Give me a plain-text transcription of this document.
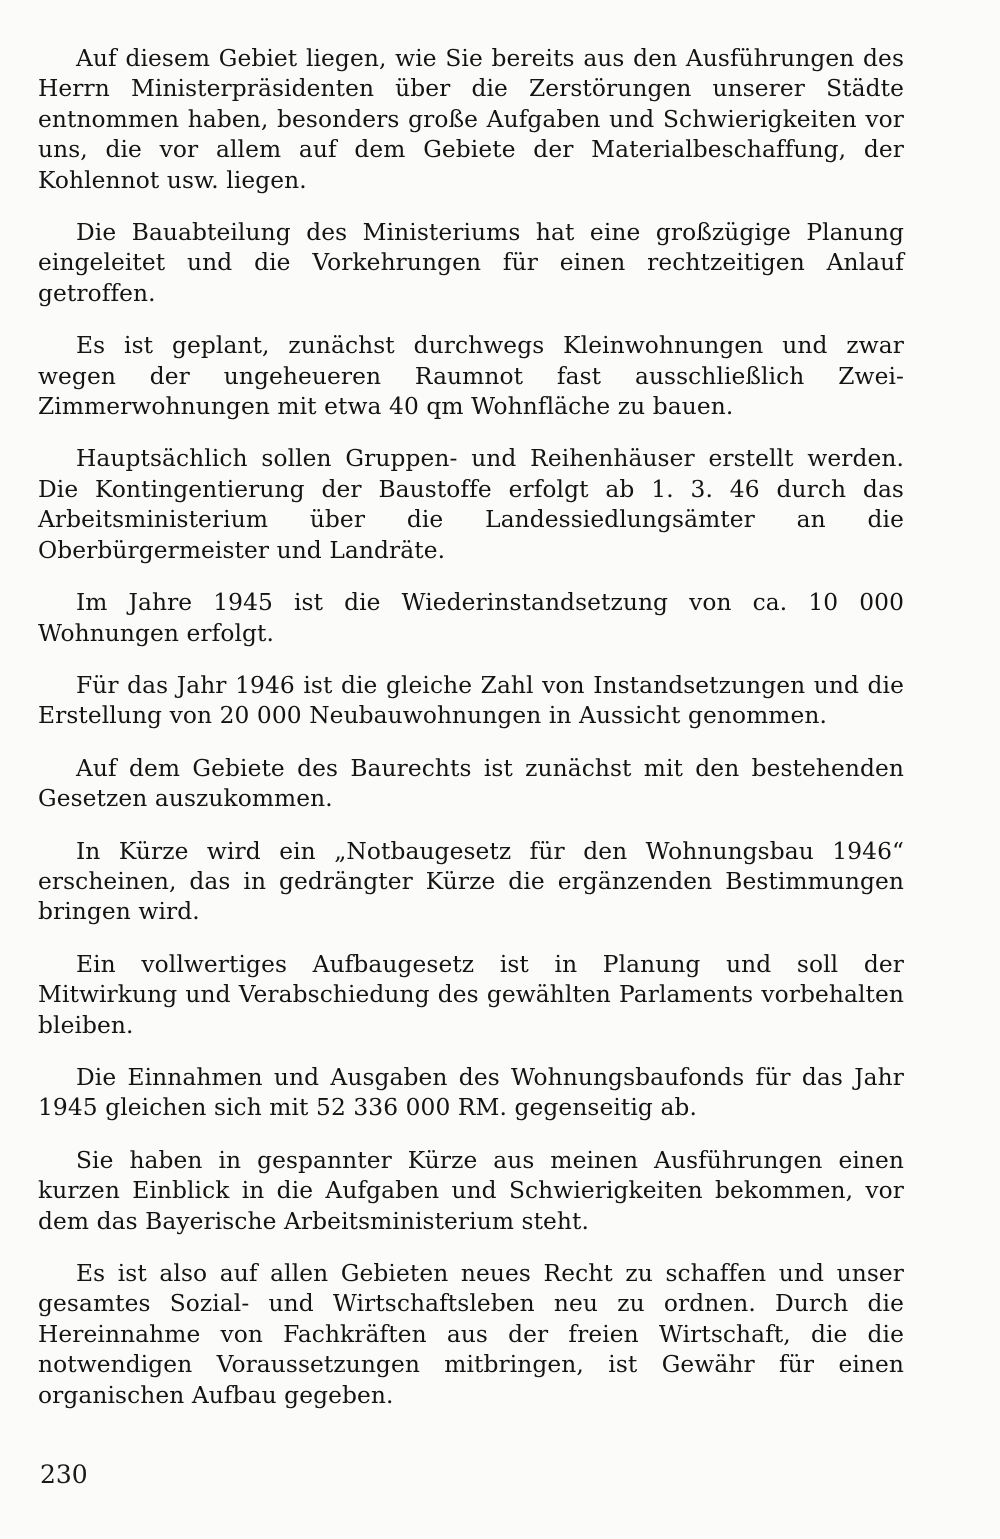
Auf diesem Gebiet liegen, wie Sie bereits aus den Ausführungen des Herrn Ministerpräsidenten über die Zerstörungen unserer Städte entnommen haben, besonders große Aufgaben und Schwierigkeiten vor uns, die vor allem auf dem Gebiete der Materialbeschaffung, der Kohlennot usw. liegen.

Die Bauabteilung des Ministeriums hat eine großzügige Planung eingeleitet und die Vorkehrungen für einen rechtzeitigen Anlauf getroffen.

Es ist geplant, zunächst durchwegs Kleinwohnungen und zwar wegen der ungeheueren Raumnot fast ausschließlich Zwei-Zimmerwohnungen mit etwa 40 qm Wohnfläche zu bauen.

Hauptsächlich sollen Gruppen- und Reihenhäuser erstellt werden. Die Kontingentierung der Baustoffe erfolgt ab 1. 3. 46 durch das Arbeitsministerium über die Landessiedlungsämter an die Oberbürgermeister und Landräte.

Im Jahre 1945 ist die Wiederinstandsetzung von ca. 10 000 Wohnungen erfolgt.

Für das Jahr 1946 ist die gleiche Zahl von Instandsetzungen und die Erstellung von 20 000 Neubauwohnungen in Aussicht genommen.

Auf dem Gebiete des Baurechts ist zunächst mit den bestehenden Gesetzen auszukommen.

In Kürze wird ein „Notbaugesetz für den Wohnungsbau 1946“ erscheinen, das in gedrängter Kürze die ergänzenden Bestimmungen bringen wird.

Ein vollwertiges Aufbaugesetz ist in Planung und soll der Mitwirkung und Verabschiedung des gewählten Parlaments vorbehalten bleiben.

Die Einnahmen und Ausgaben des Wohnungsbaufonds für das Jahr 1945 gleichen sich mit 52 336 000 RM. gegenseitig ab.

Sie haben in gespannter Kürze aus meinen Ausführungen einen kurzen Einblick in die Aufgaben und Schwierigkeiten bekommen, vor dem das Bayerische Arbeitsministerium steht.

Es ist also auf allen Gebieten neues Recht zu schaffen und unser gesamtes Sozial- und Wirtschaftsleben neu zu ordnen. Durch die Hereinnahme von Fachkräften aus der freien Wirtschaft, die die notwendigen Voraussetzungen mitbringen, ist Gewähr für einen organischen Aufbau gegeben.

230
